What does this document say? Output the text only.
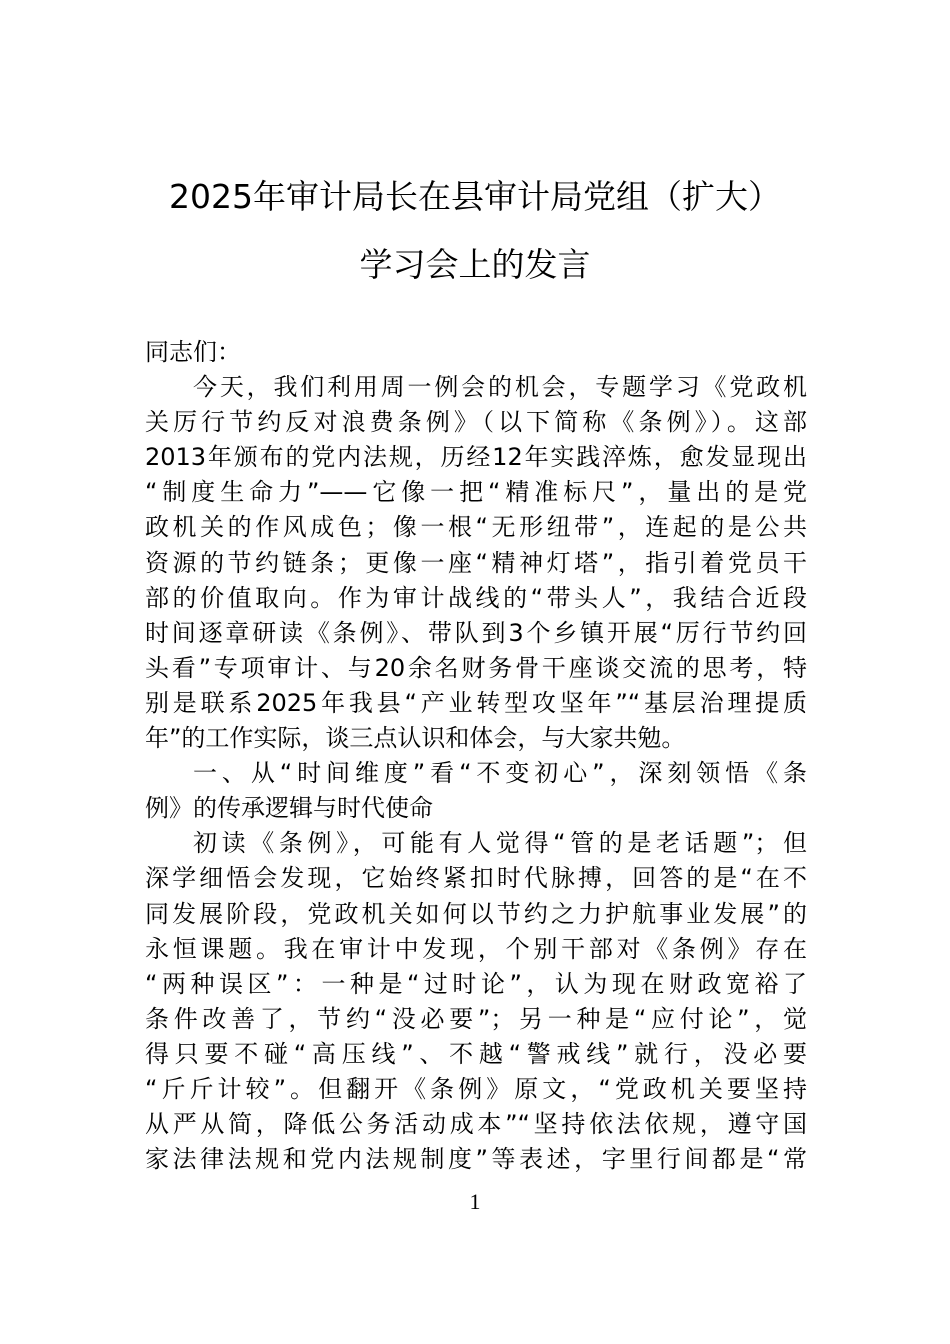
2025年审计局长在县审计局党组（扩大）
学习会上的发言
同志们：
今天，我们利用周一例会的机会，专题学习《党政机
关厉行节约反对浪费条例》（以下简称《条例》）。这部
2013年颁布的党内法规，历经12年实践淬炼，愈发显现出
“制度生命力”——它像一把“精准标尺”，量出的是党
政机关的作风成色；像一根“无形纽带”，连起的是公共
资源的节约链条；更像一座“精神灯塔”，指引着党员干
部的价值取向。作为审计战线的“带头人”，我结合近段
时间逐章研读《条例》、带队到3个乡镇开展“厉行节约回
头看”专项审计、与20余名财务骨干座谈交流的思考，特
别是联系2025年我县“产业转型攻坚年”“基层治理提质
年”的工作实际，谈三点认识和体会，与大家共勉。
一、从“时间维度”看“不变初心”，深刻领悟《条
例》的传承逻辑与时代使命
初读《条例》，可能有人觉得“管的是老话题”；但
深学细悟会发现，它始终紧扣时代脉搏，回答的是“在不
同发展阶段，党政机关如何以节约之力护航事业发展”的
永恒课题。我在审计中发现，个别干部对《条例》存在
“两种误区”：一种是“过时论”，认为现在财政宽裕了
条件改善了，节约“没必要”；另一种是“应付论”，觉
得只要不碰“高压线”、不越“警戒线”就行，没必要
“斤斤计较”。但翻开《条例》原文，“党政机关要坚持
从严从简，降低公务活动成本”“坚持依法依规，遵守国
家法律法规和党内法规制度”等表述，字里行间都是“常
1
